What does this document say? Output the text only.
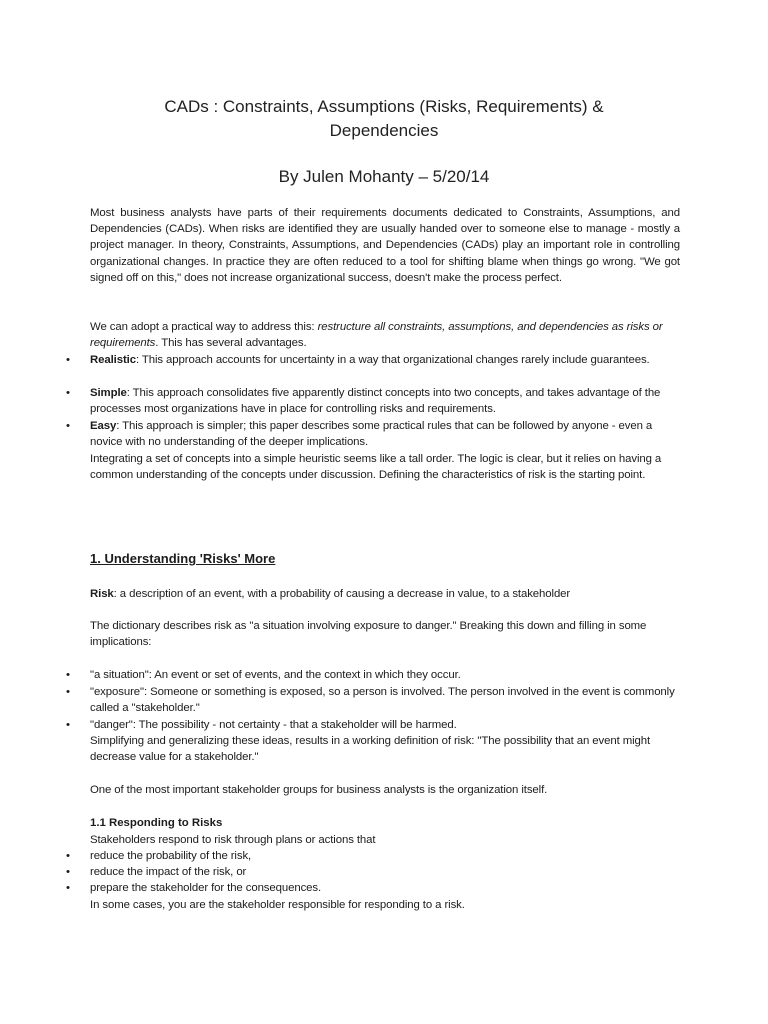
CADs : Constraints, Assumptions (Risks, Requirements) &
Dependencies
By Julen Mohanty – 5/20/14
Most business analysts have parts of their requirements documents dedicated to Constraints, Assumptions, and Dependencies (CADs). When risks are identified they are usually handed over to someone else to manage - mostly a project manager. In theory, Constraints, Assumptions, and Dependencies (CADs) play an important role in controlling organizational changes. In practice they are often reduced to a tool for shifting blame when things go wrong. "We got signed off on this," does not increase organizational success, doesn't make the process perfect.
We can adopt a practical way to address this: restructure all constraints, assumptions, and dependencies as risks or requirements. This has several advantages.
• Realistic: This approach accounts for uncertainty in a way that organizational changes rarely include guarantees.
• Simple: This approach consolidates five apparently distinct concepts into two concepts, and takes advantage of the processes most organizations have in place for controlling risks and requirements.
• Easy: This approach is simpler; this paper describes some practical rules that can be followed by anyone - even a novice with no understanding of the deeper implications.
Integrating a set of concepts into a simple heuristic seems like a tall order. The logic is clear, but it relies on having a common understanding of the concepts under discussion. Defining the characteristics of risk is the starting point.
1. Understanding 'Risks' More
Risk: a description of an event, with a probability of causing a decrease in value, to a stakeholder
The dictionary describes risk as "a situation involving exposure to danger." Breaking this down and filling in some implications:
• "a situation": An event or set of events, and the context in which they occur.
• "exposure": Someone or something is exposed, so a person is involved. The person involved in the event is commonly called a "stakeholder."
• "danger": The possibility - not certainty - that a stakeholder will be harmed.
Simplifying and generalizing these ideas, results in a working definition of risk: "The possibility that an event might decrease value for a stakeholder."
One of the most important stakeholder groups for business analysts is the organization itself.
1.1 Responding to Risks
Stakeholders respond to risk through plans or actions that
• reduce the probability of the risk,
• reduce the impact of the risk, or
• prepare the stakeholder for the consequences.
In some cases, you are the stakeholder responsible for responding to a risk.
